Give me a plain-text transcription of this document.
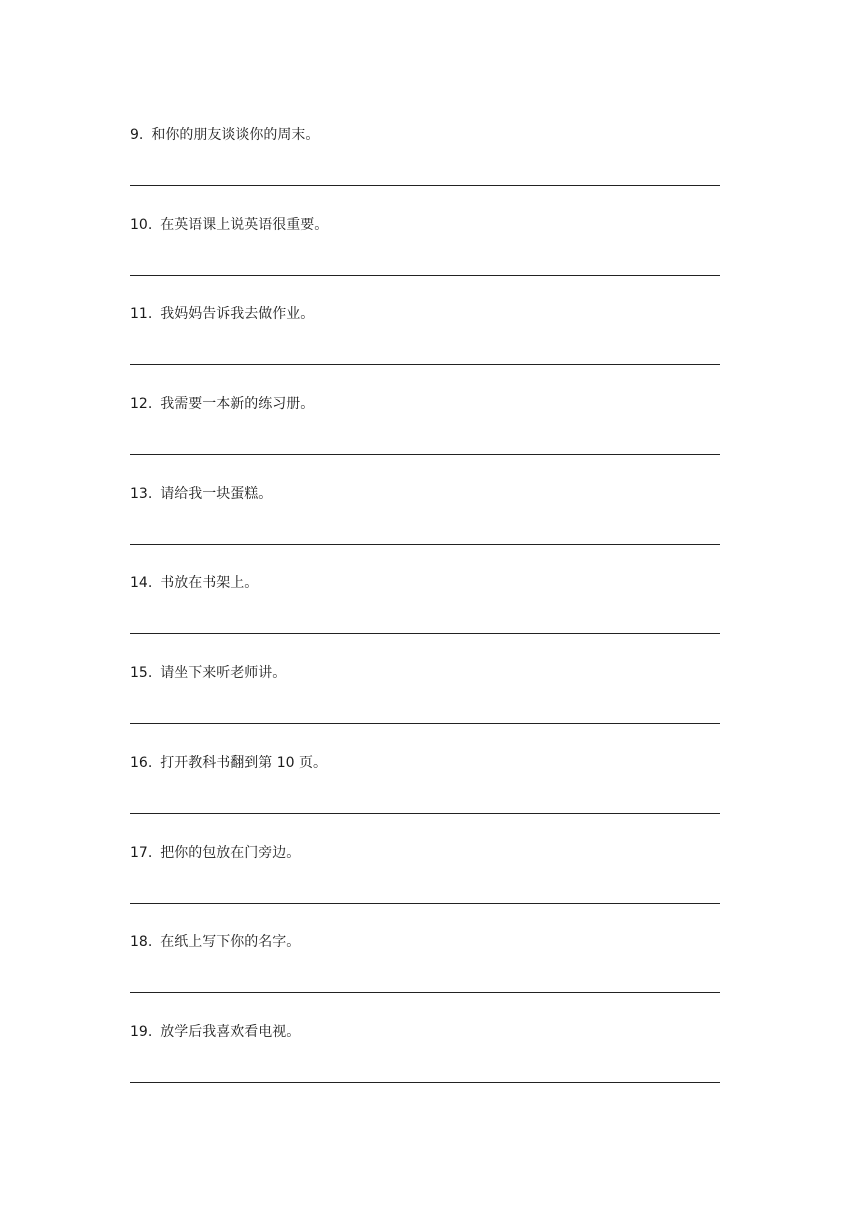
9. 和你的朋友谈谈你的周末。
10. 在英语课上说英语很重要。
11. 我妈妈告诉我去做作业。
12. 我需要一本新的练习册。
13. 请给我一块蛋糕。
14. 书放在书架上。
15. 请坐下来听老师讲。
16. 打开教科书翻到第 10 页。
17. 把你的包放在门旁边。
18. 在纸上写下你的名字。
19. 放学后我喜欢看电视。
